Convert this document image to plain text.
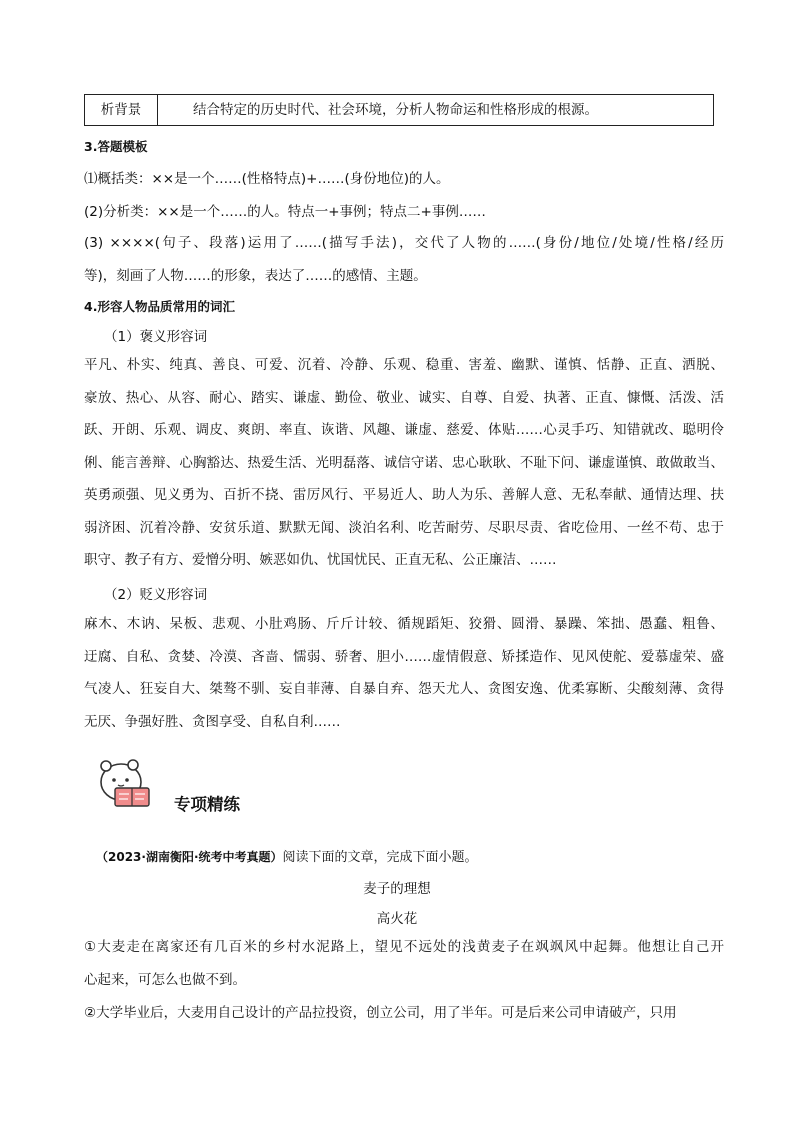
析背景	结合特定的历史时代、社会环境，分析人物命运和性格形成的根源。
3.答题模板
⑴概括类：××是一个……(性格特点)+……(身份地位)的人。
(2)分析类：××是一个……的人。特点一+事例；特点二+事例……
(3) ××××(句子、段落)运用了……(描写手法)，交代了人物的……(身份/地位/处境/性格/经历
等)，刻画了人物……的形象，表达了……的感情、主题。
4.形容人物品质常用的词汇
（1）褒义形容词
平凡、朴实、纯真、善良、可爱、沉着、冷静、乐观、稳重、害羞、幽默、谨慎、恬静、正直、洒脱、
豪放、热心、从容、耐心、踏实、谦虚、勤俭、敬业、诚实、自尊、自爱、执著、正直、慷慨、活泼、活
跃、开朗、乐观、调皮、爽朗、率直、诙谐、风趣、谦虚、慈爱、体贴……心灵手巧、知错就改、聪明伶
俐、能言善辩、心胸豁达、热爱生活、光明磊落、诚信守诺、忠心耿耿、不耻下问、谦虚谨慎、敢做敢当、
英勇顽强、见义勇为、百折不挠、雷厉风行、平易近人、助人为乐、善解人意、无私奉献、通情达理、扶
弱济困、沉着冷静、安贫乐道、默默无闻、淡泊名利、吃苦耐劳、尽职尽责、省吃俭用、一丝不苟、忠于
职守、教子有方、爱憎分明、嫉恶如仇、忧国忧民、正直无私、公正廉洁、……
（2）贬义形容词
麻木、木讷、呆板、悲观、小肚鸡肠、斤斤计较、循规蹈矩、狡猾、圆滑、暴躁、笨拙、愚蠢、粗鲁、
迂腐、自私、贪婪、冷漠、吝啬、懦弱、骄奢、胆小……虚情假意、矫揉造作、见风使舵、爱慕虚荣、盛
气凌人、狂妄自大、桀骜不驯、妄自菲薄、自暴自弃、怨天尤人、贪图安逸、优柔寡断、尖酸刻薄、贪得
无厌、争强好胜、贪图享受、自私自利……
专项精练
（2023·湖南衡阳·统考中考真题）阅读下面的文章，完成下面小题。
麦子的理想
高火花
①大麦走在离家还有几百米的乡村水泥路上，望见不远处的浅黄麦子在飒飒风中起舞。他想让自己开
心起来，可怎么也做不到。
②大学毕业后，大麦用自己设计的产品拉投资，创立公司，用了半年。可是后来公司申请破产，只用
